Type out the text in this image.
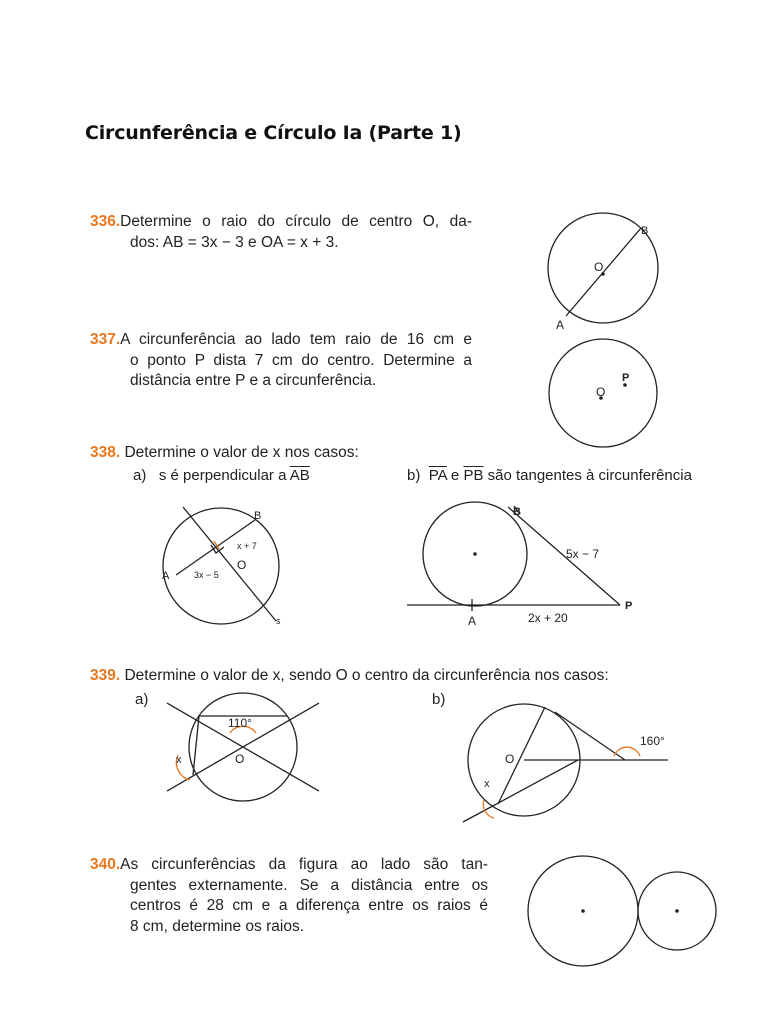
Circunferência e Círculo Ia (Parte 1)
336.Determine o raio do círculo de centro O, da-
dos: AB = 3x − 3 e OA = x + 3.
337.A circunferência ao lado tem raio de 16 cm e
o ponto P dista 7 cm do centro. Determine a
distância entre P e a circunferência.
338. Determine o valor de x nos casos:
a) s é perpendicular a $\overline{AB}$	b) $\overline{PA}$ e $\overline{PB}$ são tangentes à circunferência
339. Determine o valor de x, sendo O o centro da circunferência nos casos:
a)	b)
340.As circunferências da figura ao lado são tan-
gentes externamente. Se a distância entre os
centros é 28 cm e a diferença entre os raios é
8 cm, determine os raios.
B
O
A
O
P
B
A
O
s
x + 7
3x − 5
B
A
P
5x − 7
2x + 20
110°
O
x
160°
O
x
